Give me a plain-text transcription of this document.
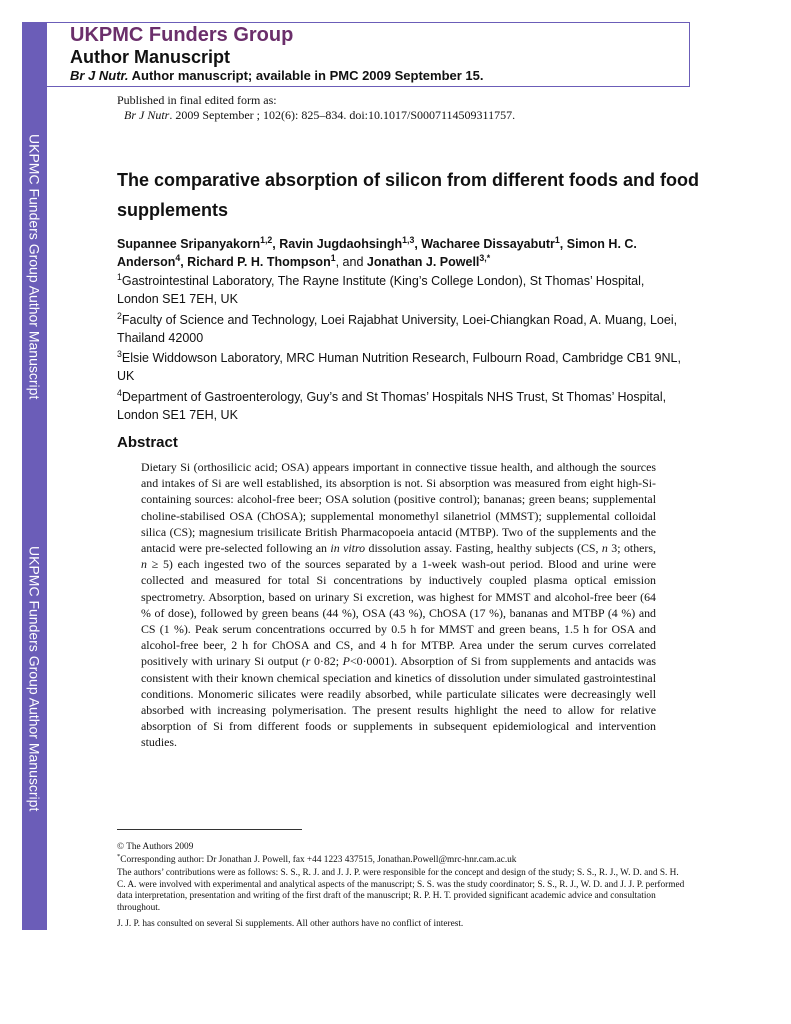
UKPMC Funders Group Author Manuscript
UKPMC Funders Group Author Manuscript
UKPMC Funders Group
Author Manuscript
Br J Nutr. Author manuscript; available in PMC 2009 September 15.
Published in final edited form as:
Br J Nutr. 2009 September ; 102(6): 825–834. doi:10.1017/S0007114509311757.
The comparative absorption of silicon from different foods and food supplements
Supannee Sripanyakorn$^{1,2}$, Ravin Jugdaohsingh$^{1,3}$, Wacharee Dissayabutr$^1$, Simon H. C. Anderson$^4$, Richard P. H. Thompson$^1$, and Jonathan J. Powell$^{3,*}$
$^1$Gastrointestinal Laboratory, The Rayne Institute (King’s College London), St Thomas’ Hospital, London SE1 7EH, UK
$^2$Faculty of Science and Technology, Loei Rajabhat University, Loei-Chiangkan Road, A. Muang, Loei, Thailand 42000
$^3$Elsie Widdowson Laboratory, MRC Human Nutrition Research, Fulbourn Road, Cambridge CB1 9NL, UK
$^4$Department of Gastroenterology, Guy’s and St Thomas’ Hospitals NHS Trust, St Thomas’ Hospital, London SE1 7EH, UK
Abstract
Dietary Si (orthosilicic acid; OSA) appears important in connective tissue health, and although the sources and intakes of Si are well established, its absorption is not. Si absorption was measured from eight high-Si-containing sources: alcohol-free beer; OSA solution (positive control); bananas; green beans; supplemental choline-stabilised OSA (ChOSA); supplemental monomethyl silanetriol (MMST); supplemental colloidal silica (CS); magnesium trisilicate British Pharmacopoeia antacid (MTBP). Two of the supplements and the antacid were pre-selected following an in vitro dissolution assay. Fasting, healthy subjects (CS, n 3; others, n ≥ 5) each ingested two of the sources separated by a 1-week wash-out period. Blood and urine were collected and measured for total Si concentrations by inductively coupled plasma optical emission spectrometry. Absorption, based on urinary Si excretion, was highest for MMST and alcohol-free beer (64 % of dose), followed by green beans (44 %), OSA (43 %), ChOSA (17 %), bananas and MTBP (4 %) and CS (1 %). Peak serum concentrations occurred by 0.5 h for MMST and green beans, 1.5 h for OSA and alcohol-free beer, 2 h for ChOSA and CS, and 4 h for MTBP. Area under the serum curves correlated positively with urinary Si output (r 0·82; P<0·0001). Absorption of Si from supplements and antacids was consistent with their known chemical speciation and kinetics of dissolution under simulated gastrointestinal conditions. Monomeric silicates were readily absorbed, while particulate silicates were decreasingly well absorbed with increasing polymerisation. The present results highlight the need to allow for relative absorption of Si from different foods or supplements in subsequent epidemiological and intervention studies.
© The Authors 2009
*Corresponding author: Dr Jonathan J. Powell, fax +44 1223 437515, Jonathan.Powell@mrc-hnr.cam.ac.uk
The authors’ contributions were as follows: S. S., R. J. and J. J. P. were responsible for the concept and design of the study; S. S., R. J., W. D. and S. H. C. A. were involved with experimental and analytical aspects of the manuscript; S. S. was the study coordinator; S. S., R. J., W. D. and J. J. P. performed data interpretation, presentation and writing of the first draft of the manuscript; R. P. H. T. provided significant academic advice and consultation throughout.
J. J. P. has consulted on several Si supplements. All other authors have no conflict of interest.
